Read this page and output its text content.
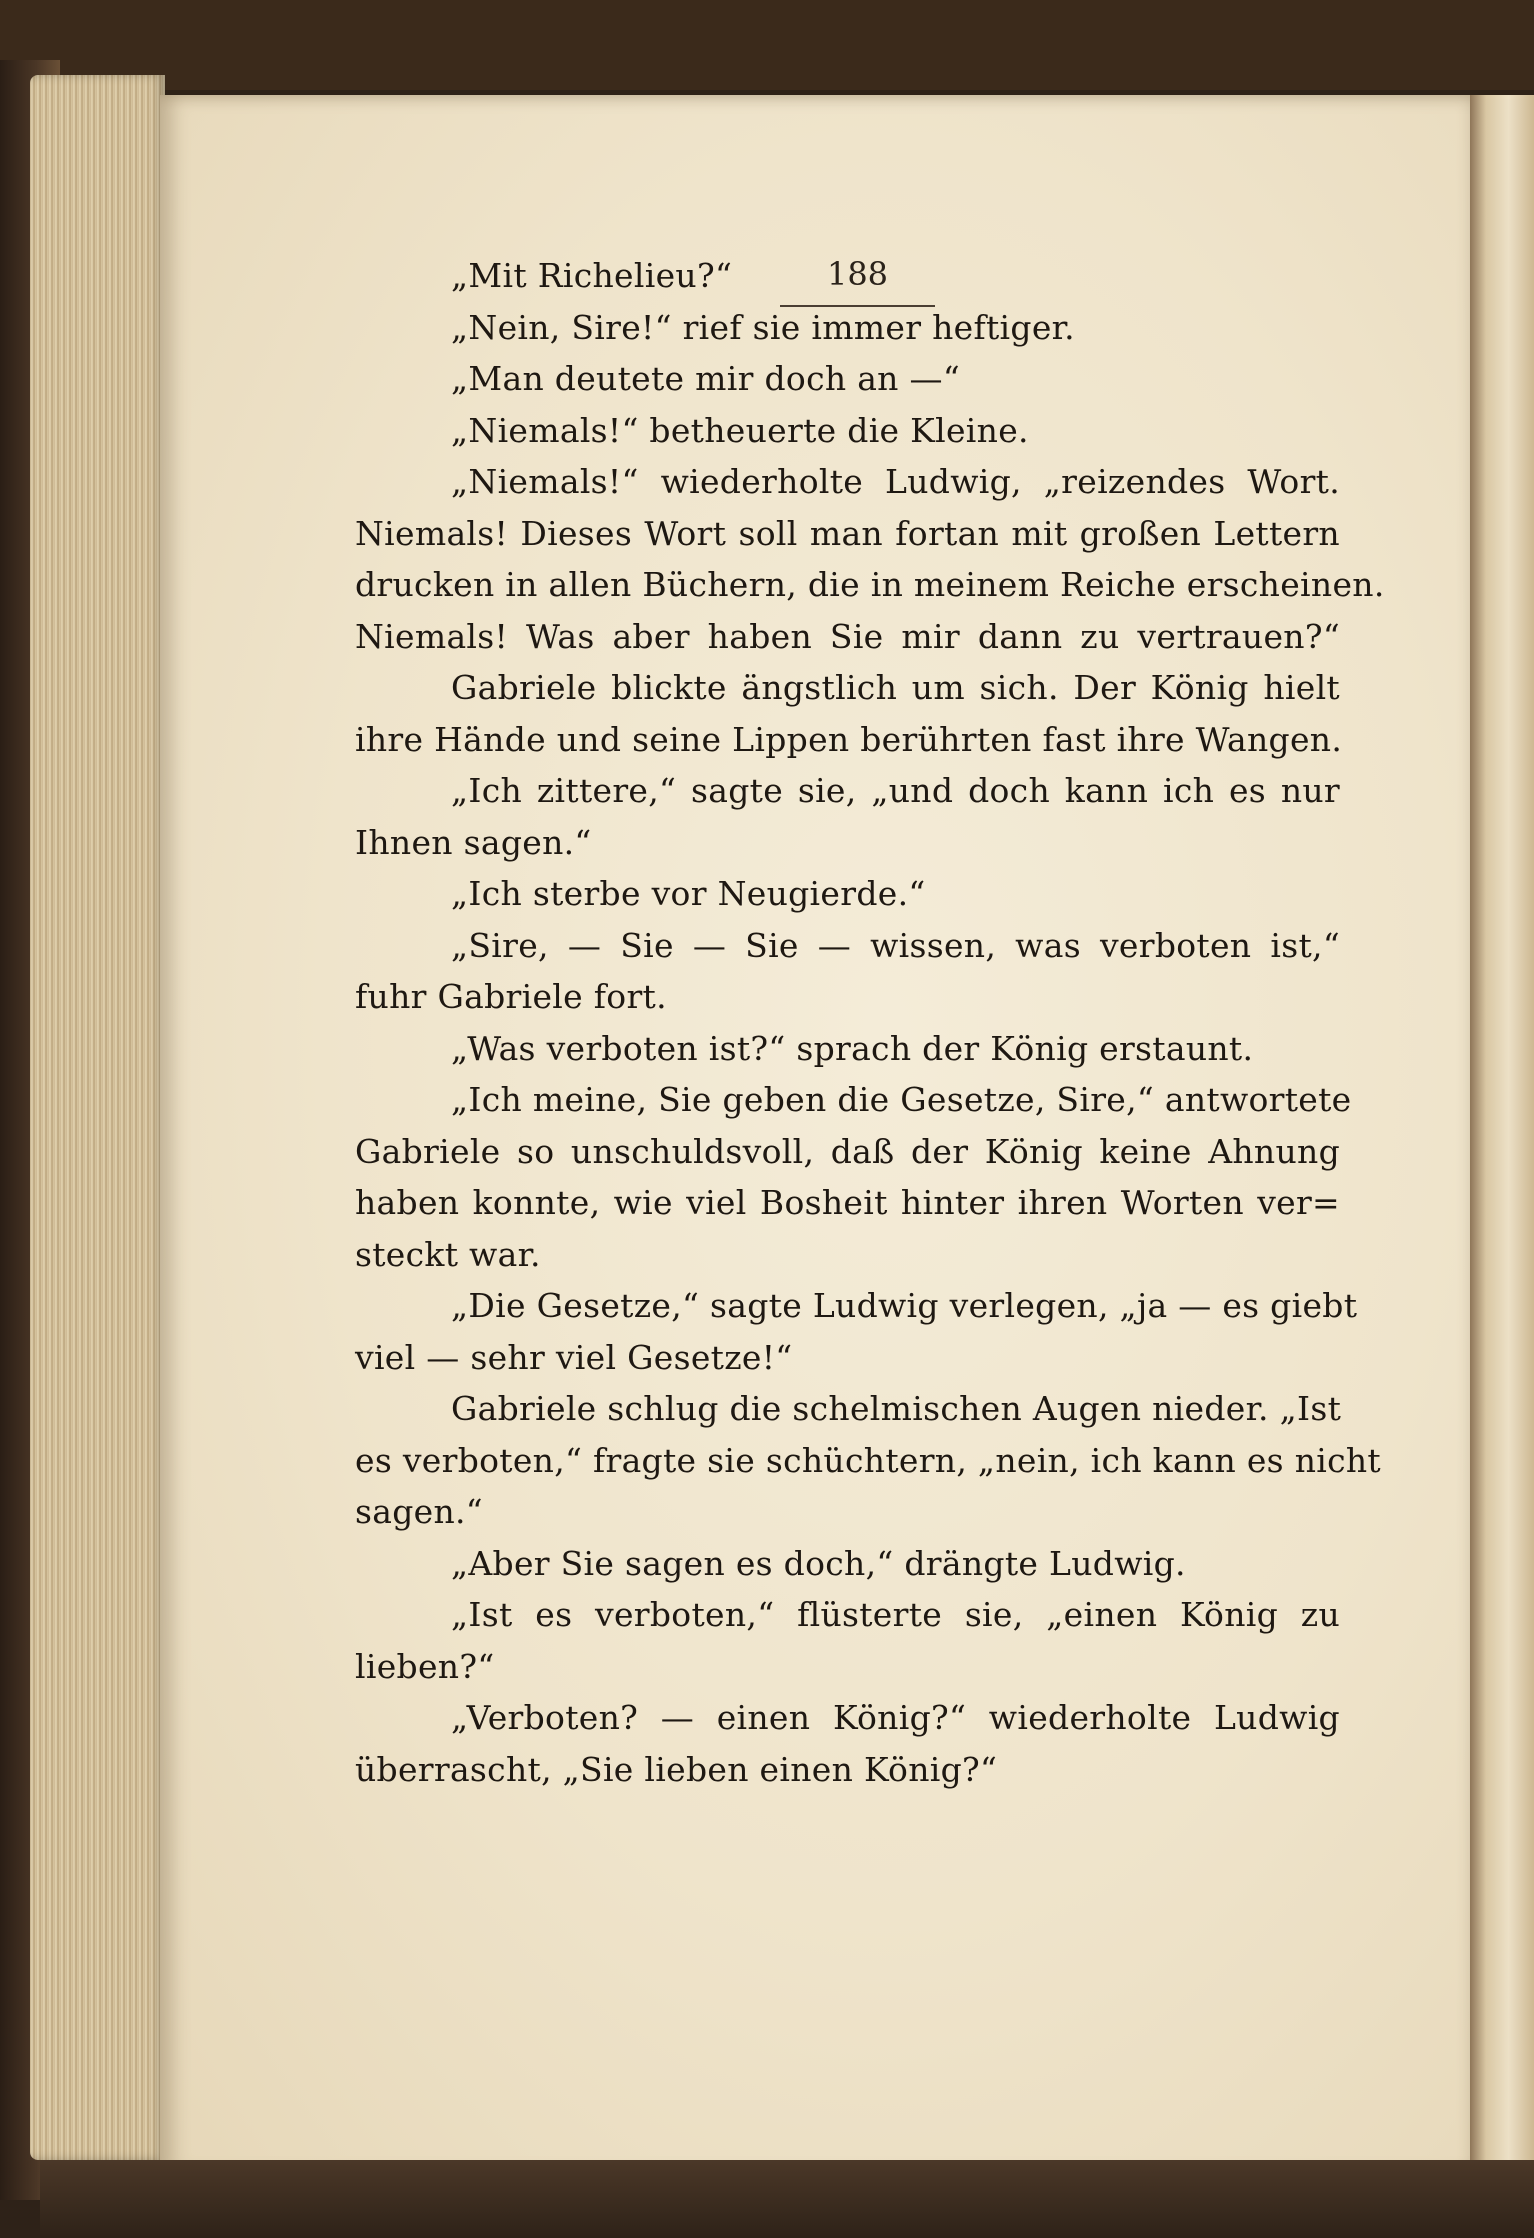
188
„Mit Richelieu?“
„Nein, Sire!“ rief sie immer heftiger.
„Man deutete mir doch an —“
„Niemals!“ betheuerte die Kleine.
„Niemals!“ wiederholte Ludwig, „reizendes Wort.
Niemals! Dieses Wort soll man fortan mit großen Lettern
drucken in allen Büchern, die in meinem Reiche erscheinen.
Niemals! Was aber haben Sie mir dann zu vertrauen?“
Gabriele blickte ängstlich um sich. Der König hielt
ihre Hände und seine Lippen berührten fast ihre Wangen.
„Ich zittere,“ sagte sie, „und doch kann ich es nur
Ihnen sagen.“
„Ich sterbe vor Neugierde.“
„Sire, — Sie — Sie — wissen, was verboten ist,“
fuhr Gabriele fort.
„Was verboten ist?“ sprach der König erstaunt.
„Ich meine, Sie geben die Gesetze, Sire,“ antwortete
Gabriele so unschuldsvoll, daß der König keine Ahnung
haben konnte, wie viel Bosheit hinter ihren Worten ver=
steckt war.
„Die Gesetze,“ sagte Ludwig verlegen, „ja — es giebt
viel — sehr viel Gesetze!“
Gabriele schlug die schelmischen Augen nieder. „Ist
es verboten,“ fragte sie schüchtern, „nein, ich kann es nicht
sagen.“
„Aber Sie sagen es doch,“ drängte Ludwig.
„Ist es verboten,“ flüsterte sie, „einen König zu
lieben?“
„Verboten? — einen König?“ wiederholte Ludwig
überrascht, „Sie lieben einen König?“
